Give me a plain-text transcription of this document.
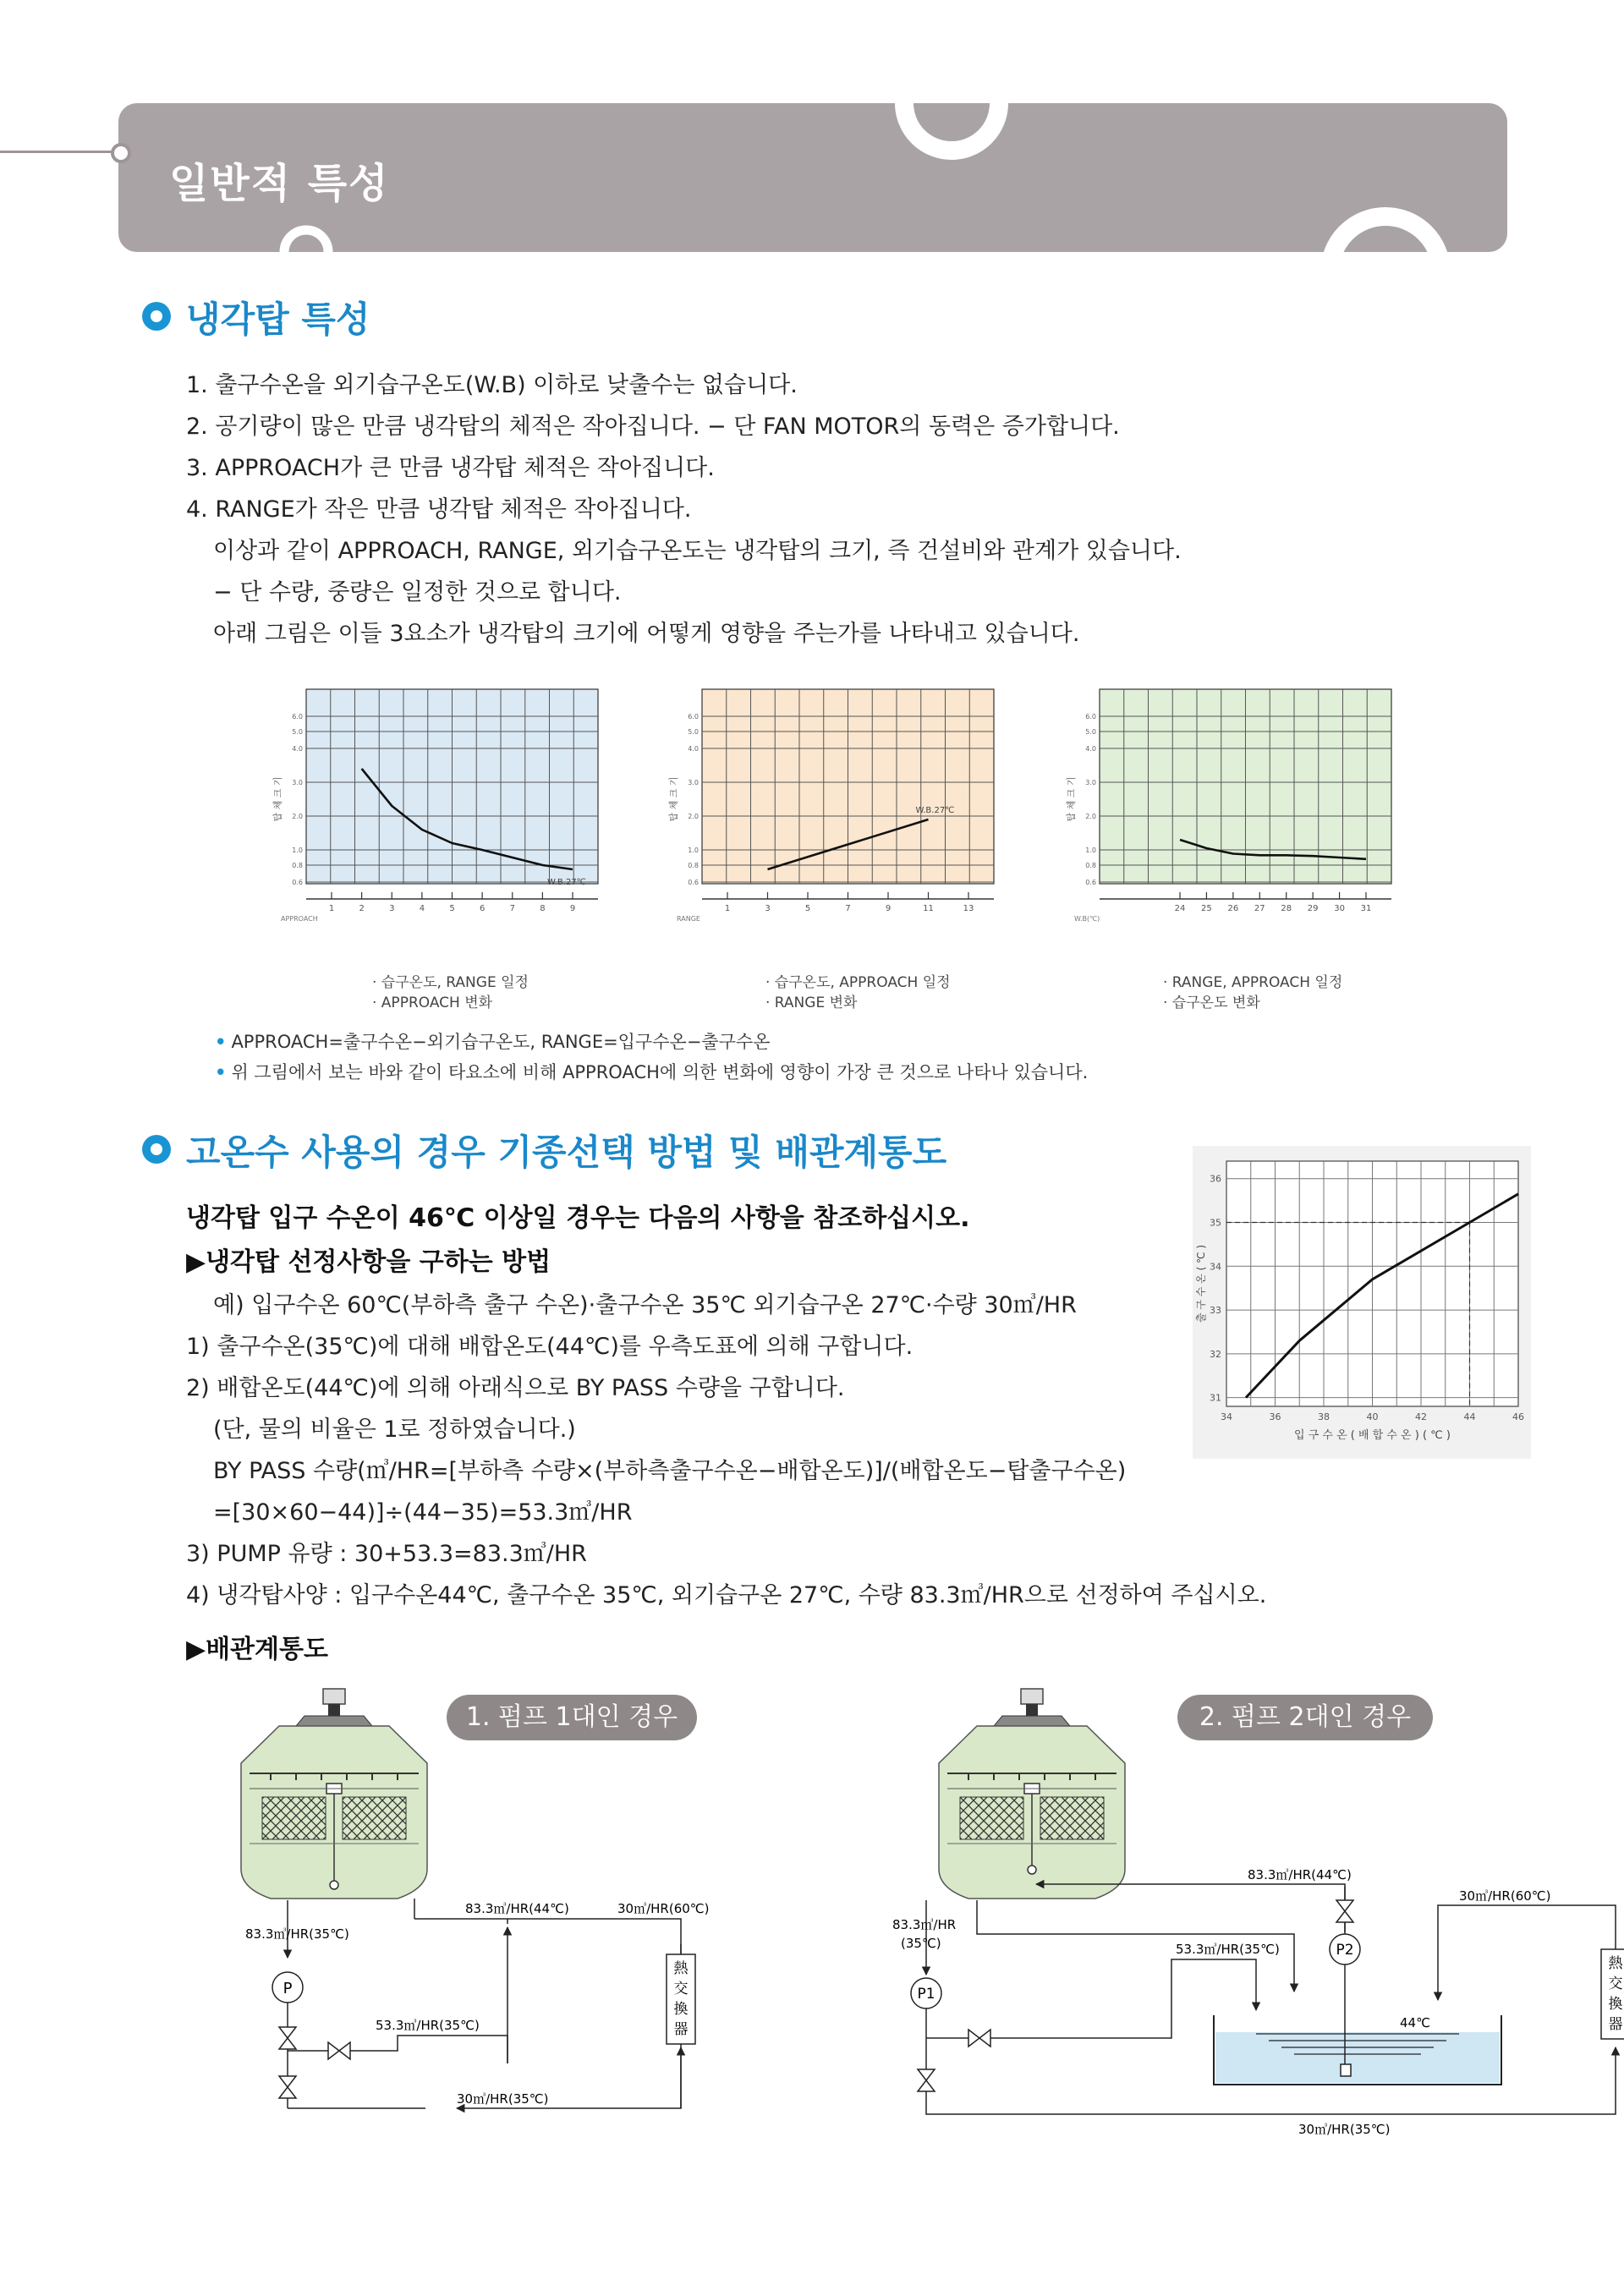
일반적 특성
냉각탑 특성
1. 출구수온을 외기습구온도(W.B) 이하로 낮출수는 없습니다.
2. 공기량이 많은 만큼 냉각탑의 체적은 작아집니다. − 단 FAN MOTOR의 동력은 증가합니다.
3. APPROACH가 큰 만큼 냉각탑 체적은 작아집니다.
4. RANGE가 작은 만큼 냉각탑 체적은 작아집니다.
이상과 같이 APPROACH, RANGE, 외기습구온도는 냉각탑의 크기, 즉 건설비와 관계가 있습니다.
− 단 수량, 중량은 일정한 것으로 합니다.
아래 그림은 이들 3요소가 냉각탑의 크기에 어떻게 영향을 주는가를 나타내고 있습니다.
0.6
0.8
1.0
2.0
3.0
4.0
5.0
6.0
탑 체 크 기
1	2	3	4	5	6	7	8	9
APPROACH
W.B.27℃	0.6
0.8
1.0
2.0
3.0
4.0
5.0
6.0
탑 체 크 기
1	3	5	7	9	11	13
RANGE
W.B.27℃
0.6
0.8
1.0
2.0
3.0
4.0
5.0
6.0
탑 체 크 기
24 25 26 27 28 29 30 31
W.B(℃)
· 습구온도, RANGE 일정
· APPROACH 변화
· 습구온도, APPROACH 일정
· RANGE 변화
· RANGE, APPROACH 일정
· 습구온도 변화
• APPROACH=출구수온−외기습구온도, RANGE=입구수온−출구수온
• 위 그림에서 보는 바와 같이 타요소에 비해 APPROACH에 의한 변화에 영향이 가장 큰 것으로 나타나 있습니다.
고온수 사용의 경우 기종선택 방법 및 배관계통도
냉각탑 입구 수온이 46℃ 이상일 경우는 다음의 사항을 참조하십시오.
▶냉각탑 선정사항을 구하는 방법
예) 입구수온 60℃(부하측 출구 수온)·출구수온 35℃ 외기습구온 27℃·수량 30㎥/HR
1) 출구수온(35℃)에 대해 배합온도(44℃)를 우측도표에 의해 구합니다.
2) 배합온도(44℃)에 의해 아래식으로 BY PASS 수량을 구합니다.
(단, 물의 비율은 1로 정하였습니다.)
BY PASS 수량(㎥/HR=[부하측 수량×(부하측출구수온−배합온도)]/(배합온도−탑출구수온)
=[30×60−44)]÷(44−35)=53.3㎥/HR
3) PUMP 유량 : 30+53.3=83.3㎥/HR
4) 냉각탑사양 : 입구수온44℃, 출구수온 35℃, 외기습구온 27℃, 수량 83.3㎥/HR으로 선정하여 주십시오.
▶배관계통도
31
32
33
34
35
36
34	36	38	40	42	44	46
입 구 수 온 ( 배 합 수 온 ) ( ℃ )
출 구 수 온 ( ℃ )
P
熱
交
換
器
83.3㎥/HR(44℃)	30㎥/HR(60℃)
83.3㎥/HR(35℃)
53.3㎥/HR(35℃)
30㎥/HR(35℃)
P2
44℃
P1
熱
交
換
器
83.3㎥/HR(44℃)
30㎥/HR(60℃)
83.3㎥/HR
(35℃)	53.3㎥/HR(35℃)
30㎥/HR(35℃)
1. 펌프 1대인 경우	2. 펌프 2대인 경우
